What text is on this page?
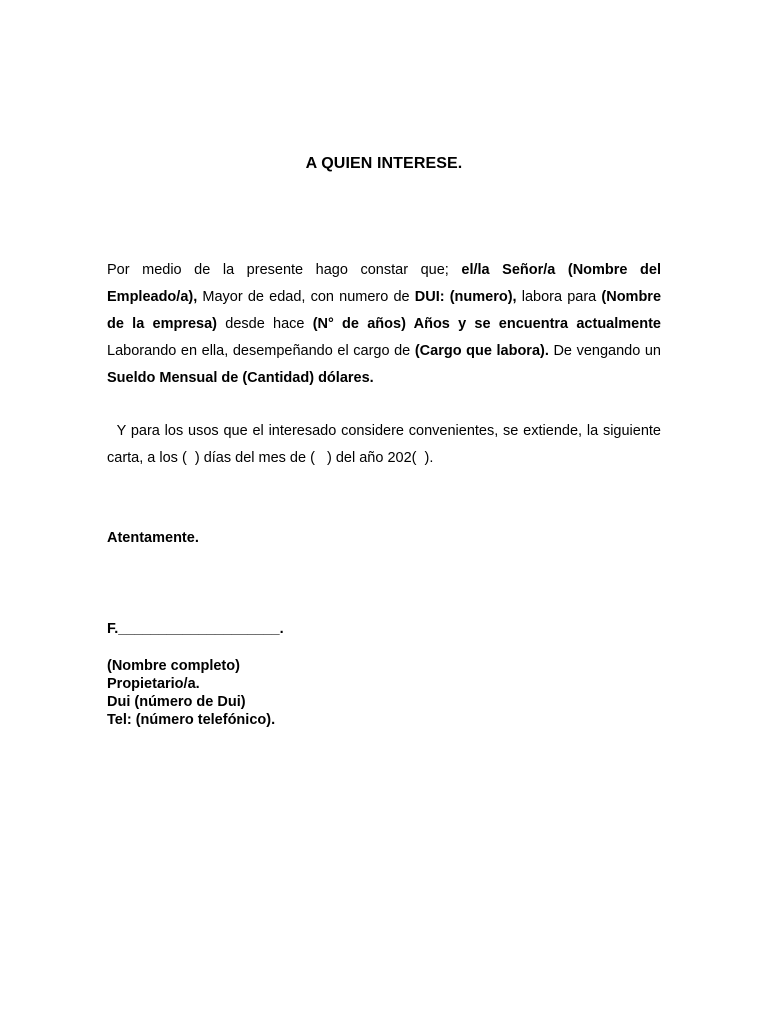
A QUIEN INTERESE.

Por medio de la presente hago constar que; el/la Señor/a (Nombre del Empleado/a), Mayor de edad, con numero de DUI: (numero), labora para (Nombre de la empresa) desde hace (N° de años) Años y se encuentra actualmente Laborando en ella, desempeñando el cargo de (Cargo que labora). De vengando un Sueldo Mensual de (Cantidad) dólares.

Y para los usos que el interesado considere convenientes, se extiende, la siguiente carta, a los (  ) días del mes de (   ) del año 202(  ).

Atentamente.
F.____________________.
(Nombre completo)
Propietario/a.
Dui (número de Dui)
Tel: (número telefónico).
